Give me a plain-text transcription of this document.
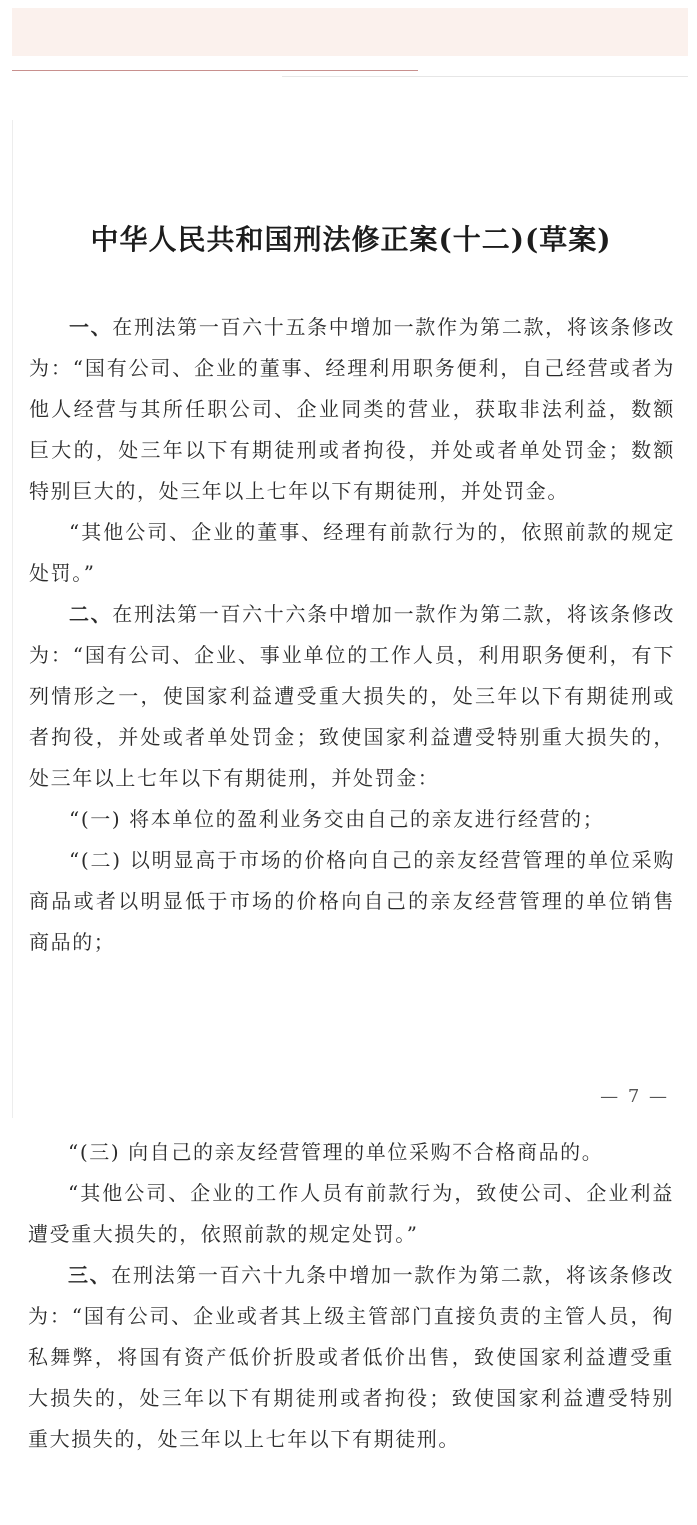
中华人民共和国刑法修正案(十二)(草案)

一、在刑法第一百六十五条中增加一款作为第二款，将该条修改为：“国有公司、企业的董事、经理利用职务便利，自己经营或者为他人经营与其所任职公司、企业同类的营业，获取非法利益，数额巨大的，处三年以下有期徒刑或者拘役，并处或者单处罚金；数额特别巨大的，处三年以上七年以下有期徒刑，并处罚金。

“其他公司、企业的董事、经理有前款行为的，依照前款的规定处罚。”

二、在刑法第一百六十六条中增加一款作为第二款，将该条修改为：“国有公司、企业、事业单位的工作人员，利用职务便利，有下列情形之一，使国家利益遭受重大损失的，处三年以下有期徒刑或者拘役，并处或者单处罚金；致使国家利益遭受特别重大损失的，处三年以上七年以下有期徒刑，并处罚金：

“(一) 将本单位的盈利业务交由自己的亲友进行经营的；

“(二) 以明显高于市场的价格向自己的亲友经营管理的单位采购商品或者以明显低于市场的价格向自己的亲友经营管理的单位销售商品的；

— 7 —

“(三) 向自己的亲友经营管理的单位采购不合格商品的。

“其他公司、企业的工作人员有前款行为，致使公司、企业利益遭受重大损失的，依照前款的规定处罚。”

三、在刑法第一百六十九条中增加一款作为第二款，将该条修改为：“国有公司、企业或者其上级主管部门直接负责的主管人员，徇私舞弊，将国有资产低价折股或者低价出售，致使国家利益遭受重大损失的，处三年以下有期徒刑或者拘役；致使国家利益遭受特别重大损失的，处三年以上七年以下有期徒刑。
